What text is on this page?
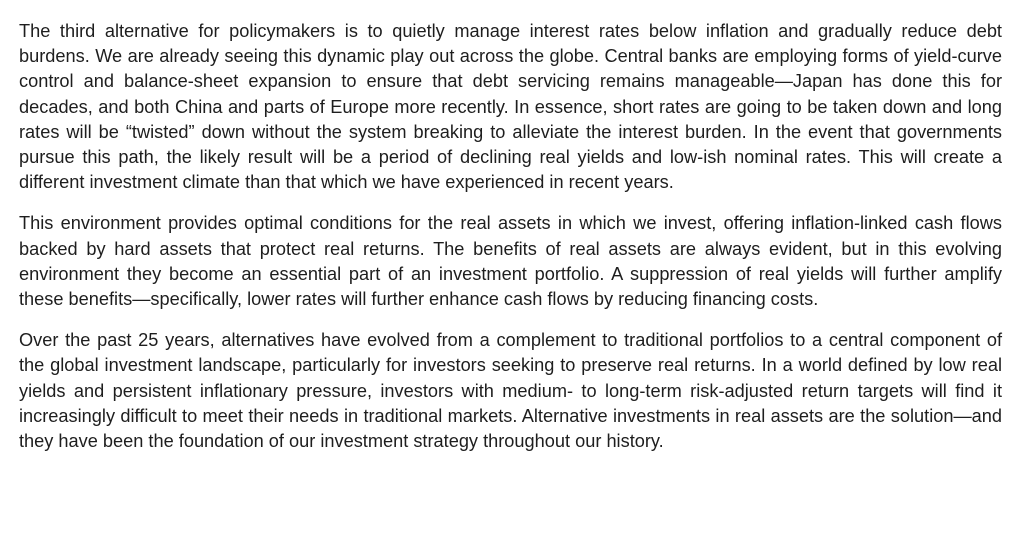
The third alternative for policymakers is to quietly manage interest rates below inflation and gradually reduce debt burdens. We are already seeing this dynamic play out across the globe. Central banks are employing forms of yield-curve control and balance-sheet expansion to ensure that debt servicing remains manageable—Japan has done this for decades, and both China and parts of Europe more recently. In essence, short rates are going to be taken down and long rates will be “twisted” down without the system breaking to alleviate the interest burden. In the event that governments pursue this path, the likely result will be a period of declining real yields and low-ish nominal rates. This will create a different investment climate than that which we have experienced in recent years.

This environment provides optimal conditions for the real assets in which we invest, offering inflation-linked cash flows backed by hard assets that protect real returns. The benefits of real assets are always evident, but in this evolving environment they become an essential part of an investment portfolio. A suppression of real yields will further amplify these benefits—specifically, lower rates will further enhance cash flows by reducing financing costs.

Over the past 25 years, alternatives have evolved from a complement to traditional portfolios to a central component of the global investment landscape, particularly for investors seeking to preserve real returns. In a world defined by low real yields and persistent inflationary pressure, investors with medium- to long-term risk-adjusted return targets will find it increasingly difficult to meet their needs in traditional markets. Alternative investments in real assets are the solution—and they have been the foundation of our investment strategy throughout our history.
